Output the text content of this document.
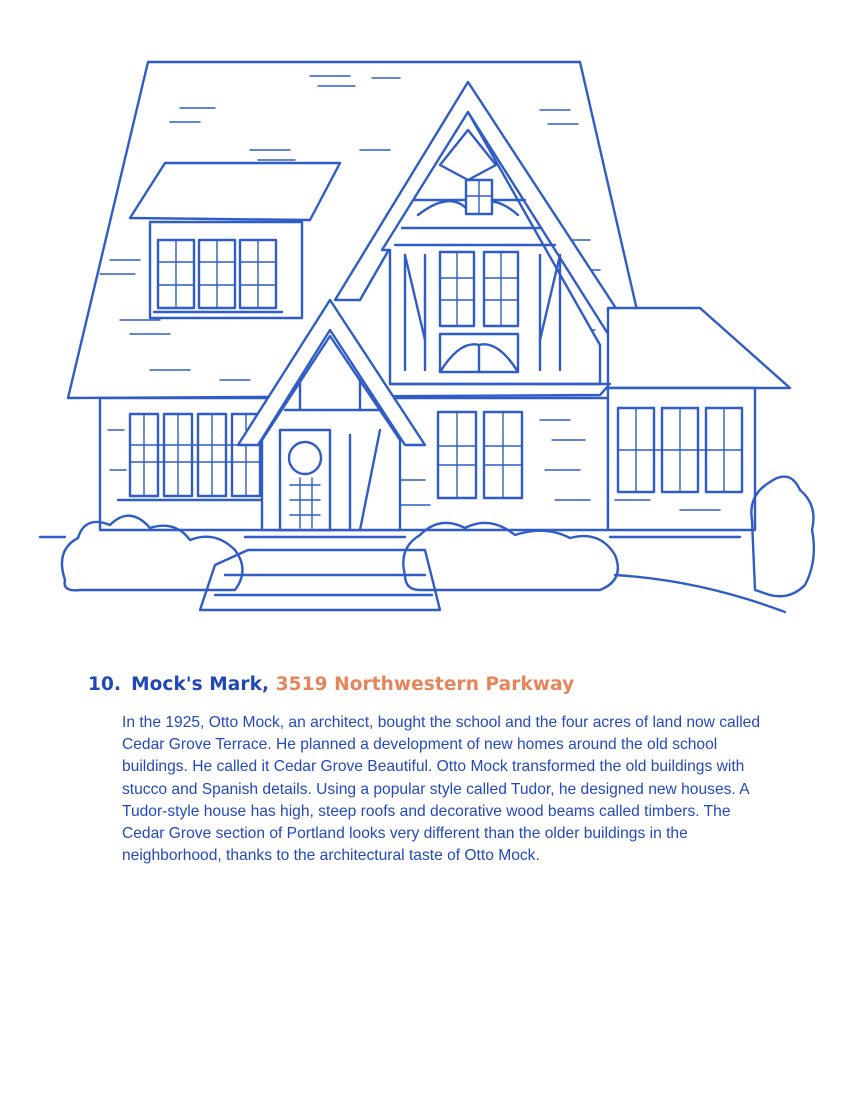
10. Mock's Mark, 3519 Northwestern Parkway

In the 1925, Otto Mock, an architect, bought the school and the four acres of land now called Cedar Grove Terrace. He planned a development of new homes around the old school buildings. He called it Cedar Grove Beautiful. Otto Mock transformed the old buildings with stucco and Spanish details. Using a popular style called Tudor, he designed new houses. A Tudor-style house has high, steep roofs and decorative wood beams called timbers. The Cedar Grove section of Portland looks very different than the older buildings in the neighborhood, thanks to the architectural taste of Otto Mock.
